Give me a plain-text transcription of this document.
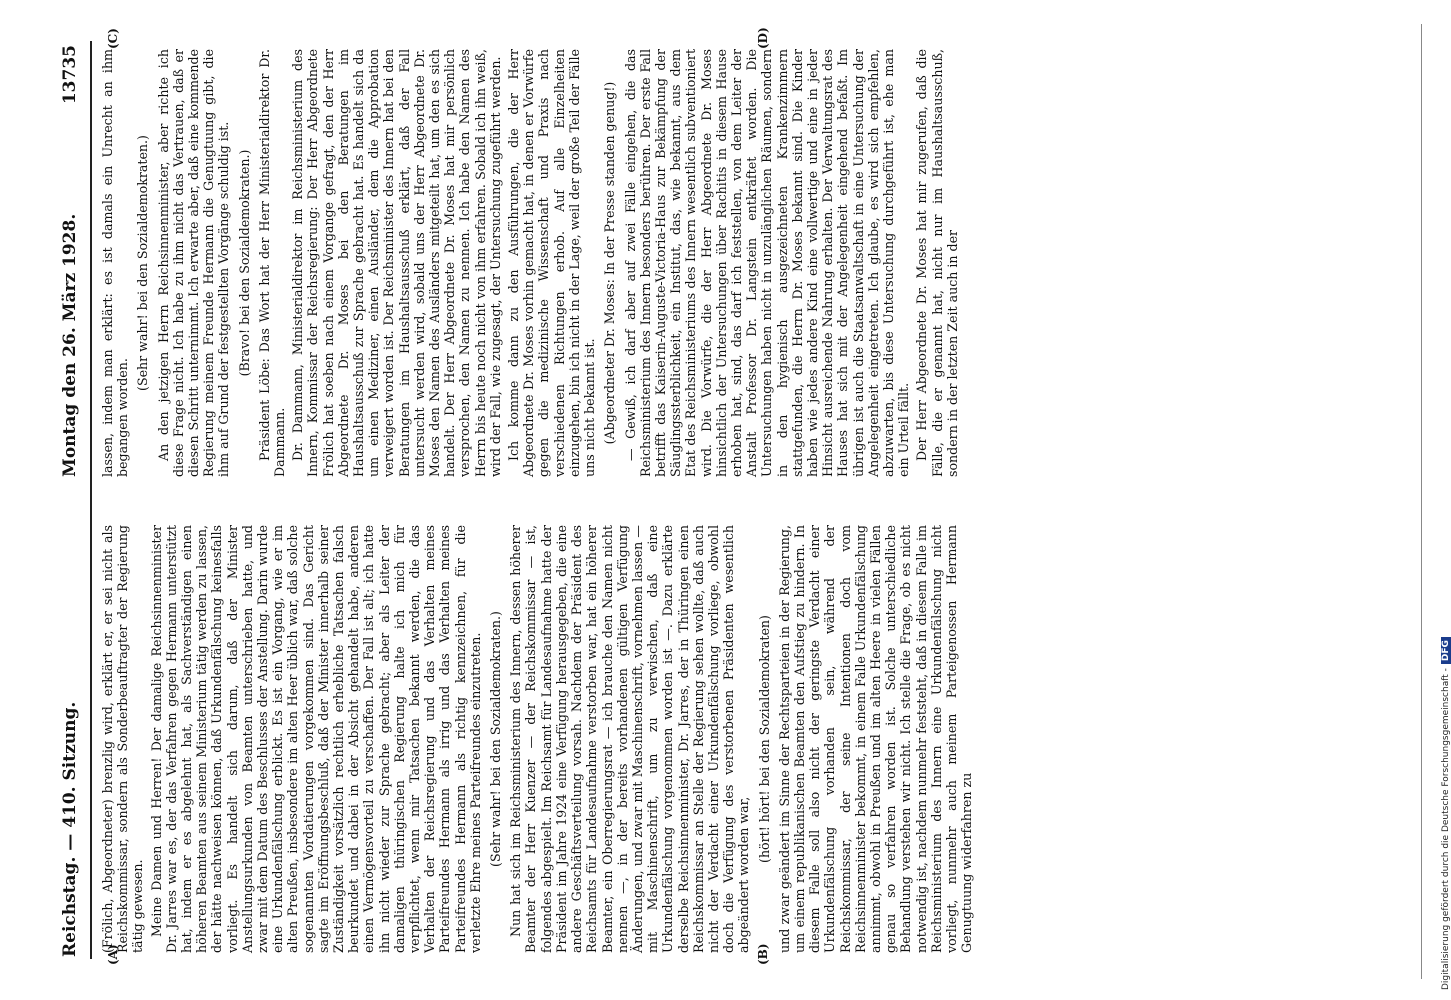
Reichstag. — 410. Sitzung.
Montag den 26. März 1928.
13735
(A)	(B)
(C)	(D)

(Frölich, Abgeordneter) brenzlig wird, erklärt er, er sei nicht als Reichskommissar, sondern als Sonderbeauftragter der Regierung tätig gewesen. Meine Damen und Herren! Der damalige Reichsinnenminister Dr. Jarres war es, der das Verfahren gegen Hermann unterstützt hat, indem er es abgelehnt hat, als Sachverständigen einen höheren Beamten aus seinem Ministerium tätig werden zu lassen, der hätte nachweisen können, daß Urkundenfälschung keinesfalls vorliegt. Es handelt sich darum, daß der Minister Anstellungsurkunden von Beamten unterschrieben hatte, und zwar mit dem Datum des Beschlusses der Anstellung. Darin wurde eine Urkundenfälschung erblickt. Es ist ein Vorgang, wie er im alten Preußen, insbesondere im alten Heer üblich war, daß solche sogenannten Vordatierungen vorgekommen sind. Das Gericht sagte im Eröffnungsbeschluß, daß der Minister innerhalb seiner Zuständigkeit vorsätzlich rechtlich erhebliche Tatsachen falsch beurkundet und dabei in der Absicht gehandelt habe, anderen einen Vermögensvorteil zu verschaffen. Der Fall ist alt; ich hatte ihn nicht wieder zur Sprache gebracht; aber als Leiter der damaligen thüringischen Regierung halte ich mich für verpflichtet, wenn mir Tatsachen bekannt werden, die das Verhalten der Reichsregierung und das Verhalten meines Parteifreundes Hermann als irrig und das Verhalten meines Parteifreundes Hermann als richtig kennzeichnen, für die verletzte Ehre meines Parteifreundes einzutreten. (Sehr wahr! bei den Sozialdemokraten.) Nun hat sich im Reichsministerium des Innern, dessen höherer Beamter der Herr Kuenzer — der Reichskommissar — ist, folgendes abgespielt. Im Reichsamt für Landesaufnahme hatte der Präsident im Jahre 1924 eine Verfügung herausgegeben, die eine andere Geschäftsverteilung vorsah. Nachdem der Präsident des Reichsamts für Landesaufnahme verstorben war, hat ein höherer Beamter, ein Oberregierungsrat — ich brauche den Namen nicht nennen —, in der bereits vorhandenen gültigen Verfügung Änderungen, und zwar mit Maschinenschrift, vornehmen lassen — mit Maschinenschrift, um zu verwischen, daß eine Urkundenfälschung vorgenommen worden ist —. Dazu erklärte derselbe Reichsinnenminister, Dr. Jarres, der in Thüringen einen Reichskommissar an Stelle der Regierung sehen wollte, daß auch nicht der Verdacht einer Urkundenfälschung vorliege, obwohl doch die Verfügung des verstorbenen Präsidenten wesentlich abgeändert worden war,

(hört! hört! bei den Sozialdemokraten) und zwar geändert im Sinne der Rechtsparteien in der Regierung, um einem republikanischen Beamten den Aufstieg zu hindern. In diesem Falle soll also nicht der geringste Verdacht einer Urkundenfälschung vorhanden sein, während der Reichskommissar, der seine Intentionen doch vom Reichsinnenminister bekommt, in einem Falle Urkundenfälschung annimmt, obwohl in Preußen und im alten Heere in vielen Fällen genau so verfahren worden ist. Solche unterschiedliche Behandlung verstehen wir nicht. Ich stelle die Frage, ob es nicht notwendig ist, nachdem nunmehr feststeht, daß in diesem Falle im Reichsministerium des Innern eine Urkundenfälschung nicht vorliegt, nunmehr auch meinem Parteigenossen Hermann Genugtuung widerfahren zu

lassen, indem man erklärt: es ist damals ein Unrecht an ihm begangen worden.

(Sehr wahr! bei den Sozialdemokraten.) An den jetzigen Herrn Reichsinnenminister, aber richte ich diese Frage nicht. Ich habe zu ihm nicht das Vertrauen, daß er diesen Schritt unternimmt. Ich erwarte aber, daß eine kommende Regierung meinem Freunde Hermann die Genugtuung gibt, die ihm auf Grund der festgestellten Vorgänge schuldig ist. (Bravo! bei den Sozialdemokraten.) Präsident Löbe: Das Wort hat der Herr Ministerialdirektor Dr. Dammann. Dr. Dammann, Ministerialdirektor im Reichsministerium des Innern, Kommissar der Reichsregierung: Der Herr Abgeordnete Frölich hat soeben nach einem Vorgange gefragt, den der Herr Abgeordnete Dr. Moses bei den Beratungen im Haushaltsausschuß zur Sprache gebracht hat. Es handelt sich da um einen Mediziner, einen Ausländer, dem die Approbation verweigert worden ist. Der Reichsminister des Innern hat bei den Beratungen im Haushaltsausschuß erklärt, daß der Fall untersucht werden wird, sobald uns der Herr Abgeordnete Dr. Moses den Namen des Ausländers mitgeteilt hat, um den es sich handelt. Der Herr Abgeordnete Dr. Moses hat mir persönlich versprochen, den Namen zu nennen. Ich habe den Namen des Herrn bis heute noch nicht von ihm erfahren. Sobald ich ihn weiß, wird der Fall, wie zugesagt, der Untersuchung zugeführt werden. Ich komme dann zu den Ausführungen, die der Herr Abgeordnete Dr. Moses vorhin gemacht hat, in denen er Vorwürfe gegen die medizinische Wissenschaft und Praxis nach verschiedenen Richtungen erhob. Auf alle Einzelheiten einzugehen, bin ich nicht in der Lage, weil der große Teil der Fälle uns nicht bekannt ist. (Abgeordneter Dr. Moses: In der Presse standen genug!) — Gewiß, ich darf aber auf zwei Fälle eingehen, die das Reichsministerium des Innern besonders berühren. Der erste Fall betrifft das Kaiserin-Auguste-Victoria-Haus zur Bekämpfung der Säuglingssterblichkeit, ein Institut, das, wie bekannt, aus dem Etat des Reichsministeriums des Innern wesentlich subventioniert wird. Die Vorwürfe, die der Herr Abgeordnete Dr. Moses hinsichtlich der Untersuchungen über Rachitis in diesem Hause erhoben hat, sind, das darf ich feststellen, von dem Leiter der Anstalt Professor Dr. Langstein entkräftet worden. Die Untersuchungen haben nicht in unzulänglichen Räumen, sondern in den hygienisch ausgezeichneten Krankenzimmern stattgefunden, die Herrn Dr. Moses bekannt sind. Die Kinder haben wie jedes andere Kind eine vollwertige und eine in jeder Hinsicht ausreichende Nahrung erhalten. Der Verwaltungsrat des Hauses hat sich mit der Angelegenheit eingehend befaßt. Im übrigen ist auch die Staatsanwaltschaft in eine Untersuchung der Angelegenheit eingetreten. Ich glaube, es wird sich empfehlen, abzuwarten, bis diese Untersuchung durchgeführt ist, ehe man ein Urteil fällt. Der Herr Abgeordnete Dr. Moses hat mir zugerufen, daß die Fälle, die er genannt hat, nicht nur im Haushaltsausschuß, sondern in der letzten Zeit auch in der

Digitalisierung gefördert durch die Deutsche Forschungsgemeinschaft -DFG
